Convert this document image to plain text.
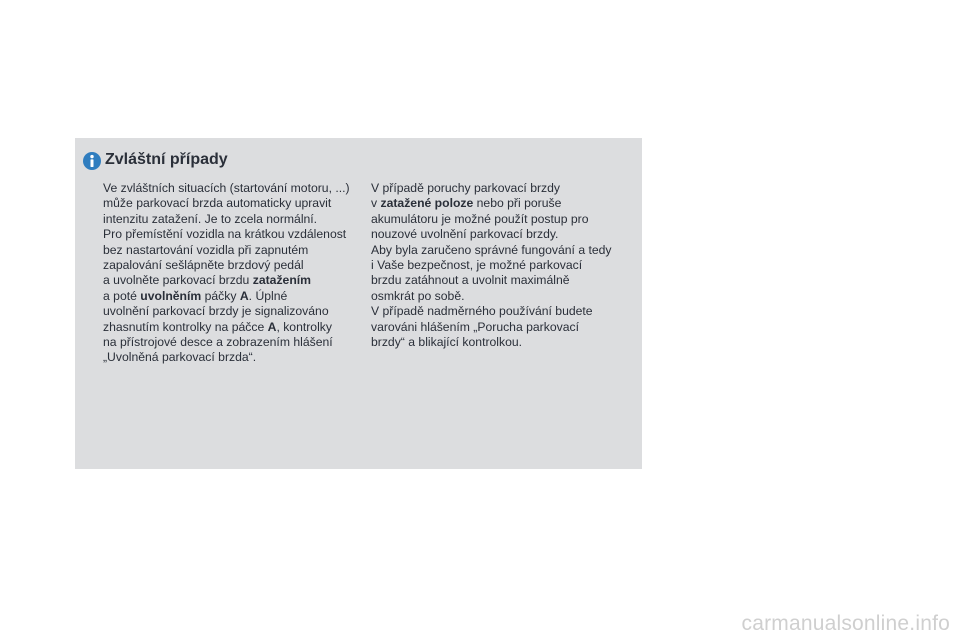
Zvláštní případy
Ve zvláštních situacích (startování motoru, ...)
může parkovací brzda automaticky upravit
intenzitu zatažení. Je to zcela normální.
Pro přemístění vozidla na krátkou vzdálenost
bez nastartování vozidla při zapnutém
zapalování sešlápněte brzdový pedál
a uvolněte parkovací brzdu zatažením
a poté uvolněním páčky A. Úplné
uvolnění parkovací brzdy je signalizováno
zhasnutím kontrolky na páčce A, kontrolky
na přístrojové desce a zobrazením hlášení
„Uvolněná parkovací brzda“.
V případě poruchy parkovací brzdy
v zatažené poloze nebo při poruše
akumulátoru je možné použít postup pro
nouzové uvolnění parkovací brzdy.
Aby byla zaručeno správné fungování a tedy
i Vaše bezpečnost, je možné parkovací
brzdu zatáhnout a uvolnit maximálně
osmkrát po sobě.
V případě nadměrného používání budete
varováni hlášením „Porucha parkovací
brzdy“ a blikající kontrolkou.
carmanualsonline.info
